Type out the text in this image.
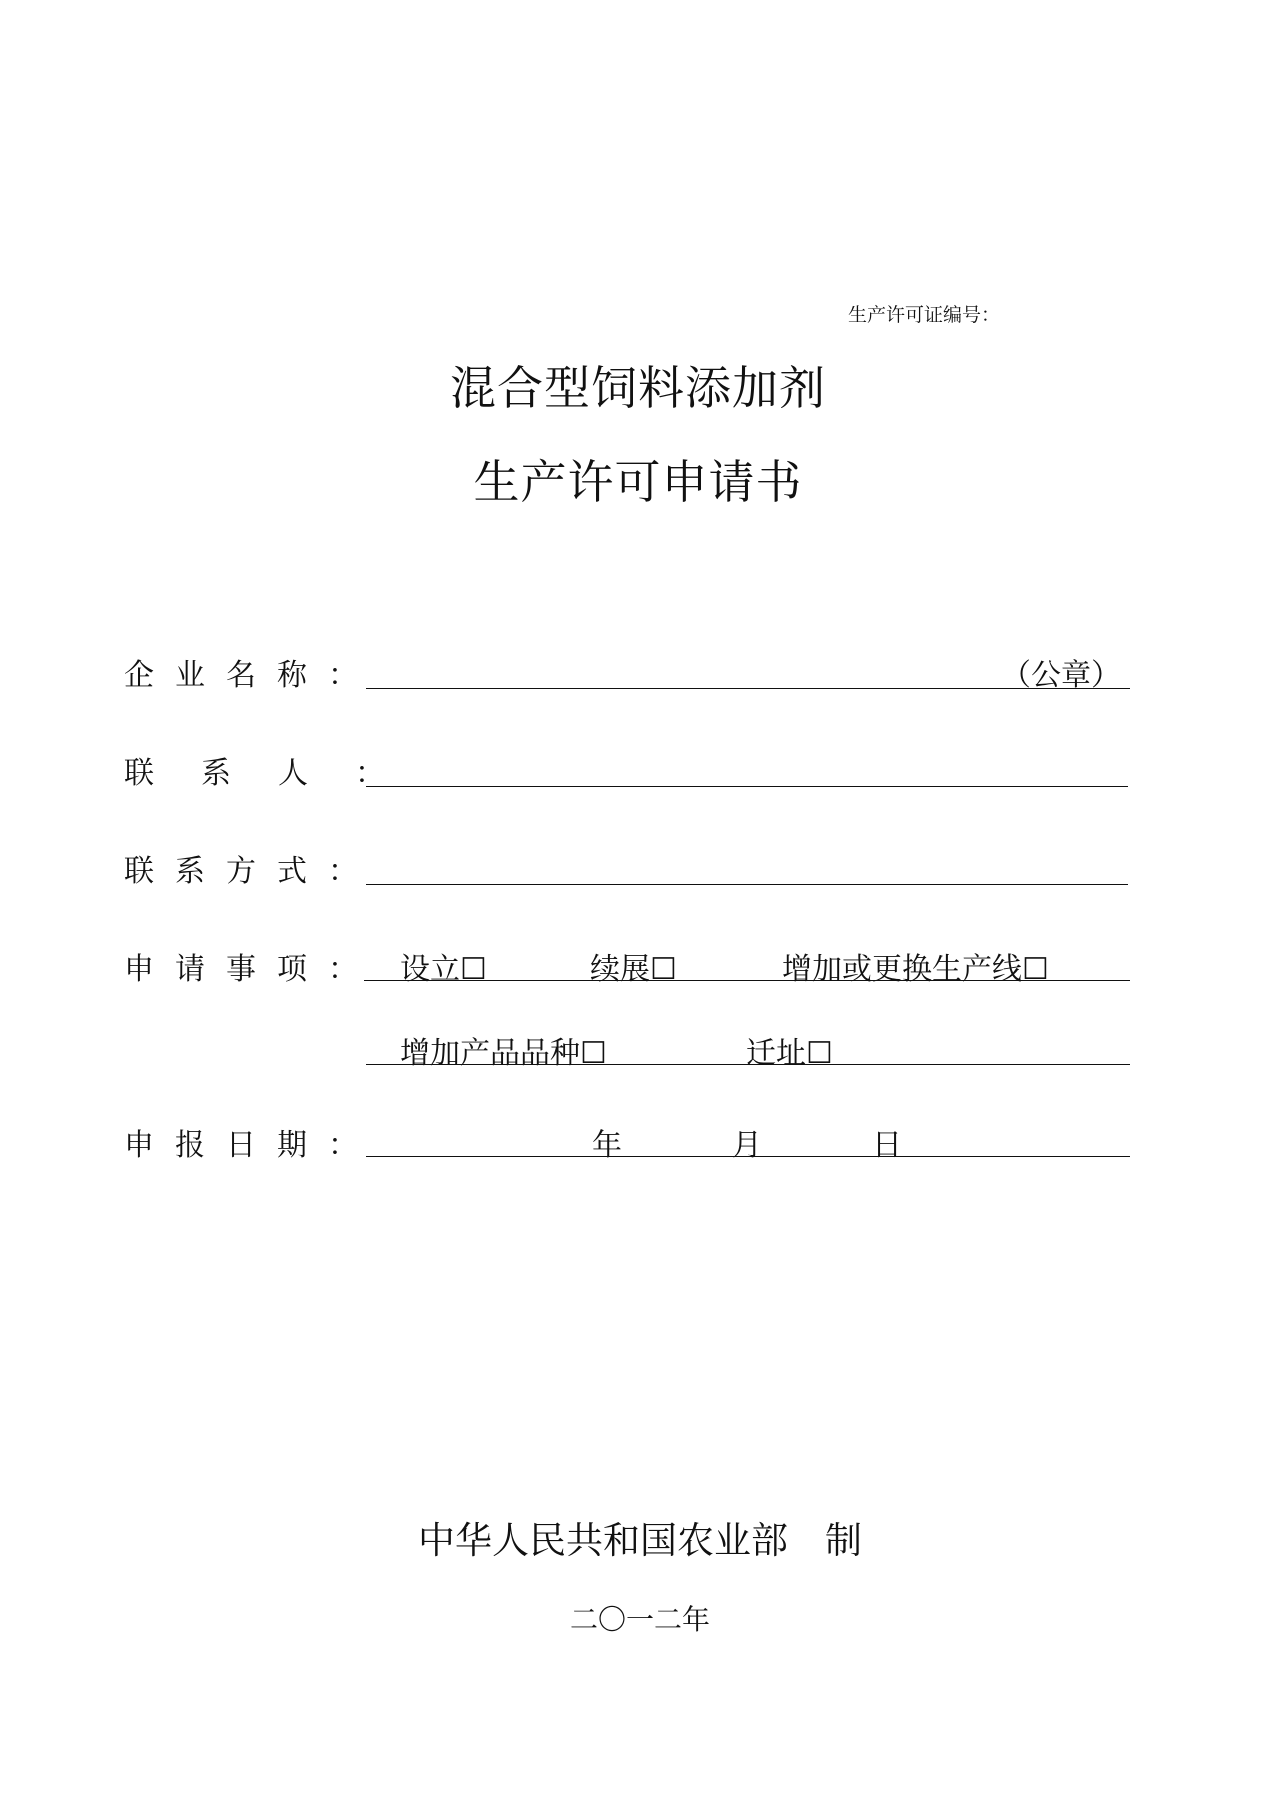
生产许可证编号：
混合型饲料添加剂
生产许可申请书
企业名称：	（公章）
联系人：
联系方式：
申请事项： 设立☐	续展☐	增加或更换生产线☐
增加产品品种☐	迁址☐
申报日期：	年	月	日
中华人民共和国农业部　制
二〇一二年
